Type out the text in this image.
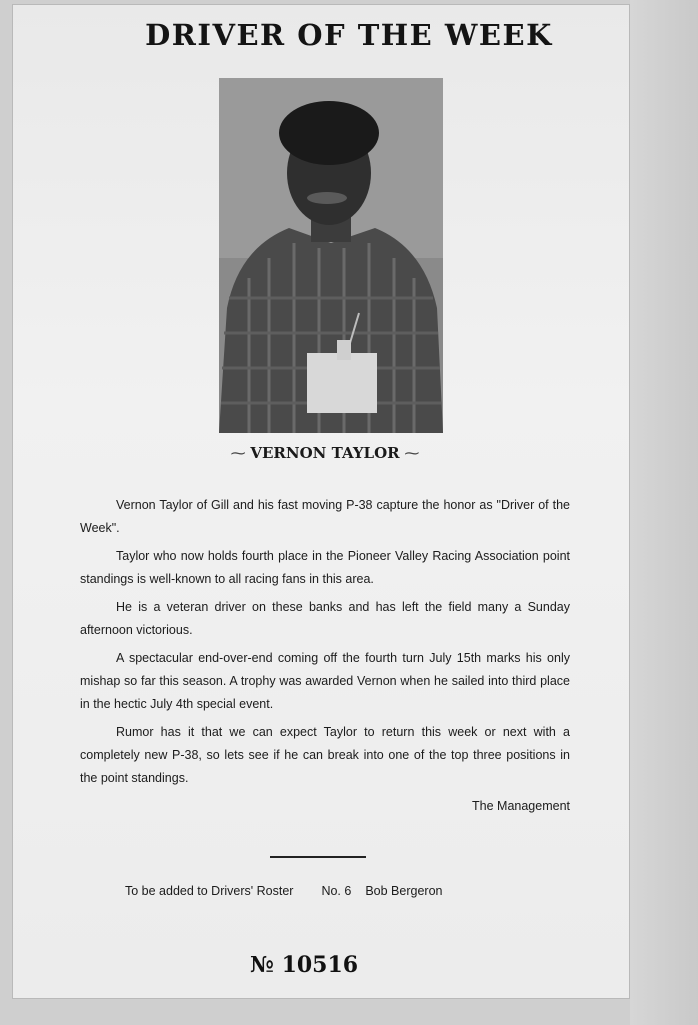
DRIVER OF THE WEEK
⁓ VERNON TAYLOR ⁓

Vernon Taylor of Gill and his fast moving P-38 capture the honor as "Driver of the Week".

Taylor who now holds fourth place in the Pioneer Valley Racing Association point standings is well-known to all racing fans in this area.

He is a veteran driver on these banks and has left the field many a Sunday afternoon victorious.

A spectacular end-over-end coming off the fourth turn July 15th marks his only mishap so far this season. A trophy was awarded Vernon when he sailed into third place in the hectic July 4th special event.

Rumor has it that we can expect Taylor to return this week or next with a completely new P-38, so lets see if he can break into one of the top three positions in the point standings.

The Management
To be added to Drivers' Roster No. 6 Bob Bergeron
№ 10516
